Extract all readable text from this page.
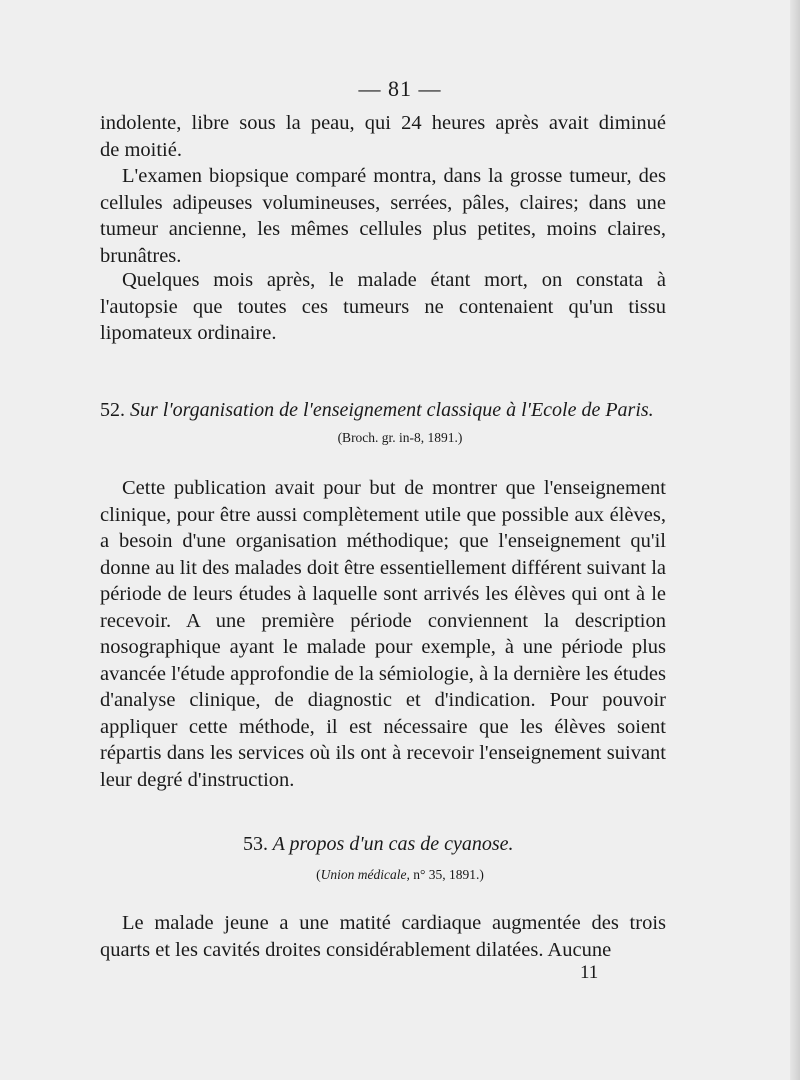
— 81 —

indolente, libre sous la peau, qui 24 heures après avait diminué

de moitié.

L'examen biopsique comparé montra, dans la grosse tumeur, des cellules adipeuses volumineuses, serrées, pâles, claires; dans une tumeur ancienne, les mêmes cellules plus petites, moins claires, brunâtres.

Quelques mois après, le malade étant mort, on constata à l'autopsie que toutes ces tumeurs ne contenaient qu'un tissu lipomateux ordinaire.

52. Sur l'organisation de l'enseignement classique à l'Ecole de Paris.
(Broch. gr. in-8, 1891.)

Cette publication avait pour but de montrer que l'enseignement clinique, pour être aussi complètement utile que possible aux élèves, a besoin d'une organisation méthodique; que l'enseignement qu'il donne au lit des malades doit être essentiellement différent suivant la période de leurs études à laquelle sont arrivés les élèves qui ont à le recevoir. A une première période conviennent la description nosographique ayant le malade pour exemple, à une période plus avancée l'étude approfondie de la sémiologie, à la dernière les études d'analyse clinique, de diagnostic et d'indication. Pour pouvoir appliquer cette méthode, il est nécessaire que les élèves soient répartis dans les services où ils ont à recevoir l'enseignement suivant leur degré d'instruction.

53. A propos d'un cas de cyanose.
(Union médicale, n° 35, 1891.)

Le malade jeune a une matité cardiaque augmentée des trois quarts et les cavités droites considérablement dilatées. Aucune

11
